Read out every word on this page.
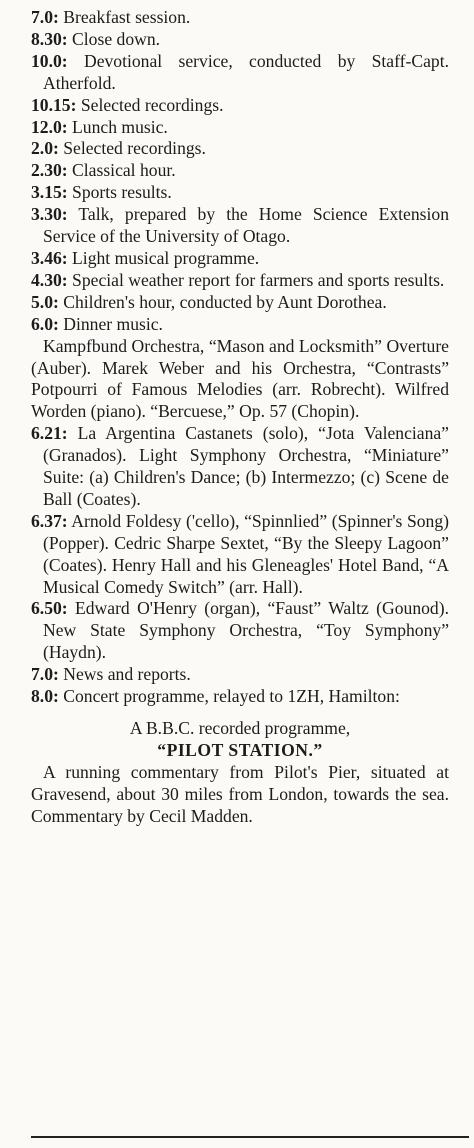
7.0: Breakfast session.

8.30: Close down.

10.0: Devotional service, conducted by Staff-Capt. Atherfold.

10.15: Selected recordings.

12.0: Lunch music.

2.0: Selected recordings.

2.30: Classical hour.

3.15: Sports results.

3.30: Talk, prepared by the Home Science Extension Service of the University of Otago.

3.46: Light musical programme.

4.30: Special weather report for farmers and sports results.

5.0: Children's hour, conducted by Aunt Dorothea.

6.0: Dinner music.

Kampfbund Orchestra, “Mason and Locksmith” Overture (Auber). Marek Weber and his Orchestra, “Contrasts” Potpourri of Famous Melodies (arr. Robrecht). Wilfred Worden (piano). “Bercuese,” Op. 57 (Chopin).

6.21: La Argentina Castanets (solo), “Jota Valenciana” (Granados). Light Symphony Orchestra, “Miniature” Suite: (a) Children's Dance; (b) Intermezzo; (c) Scene de Ball (Coates).

6.37: Arnold Foldesy ('cello), “Spinnlied” (Spinner's Song) (Popper). Cedric Sharpe Sextet, “By the Sleepy Lagoon” (Coates). Henry Hall and his Gleneagles' Hotel Band, “A Musical Comedy Switch” (arr. Hall).

6.50: Edward O'Henry (organ), “Faust” Waltz (Gounod). New State Symphony Orchestra, “Toy Symphony” (Haydn).

7.0: News and reports.

8.0: Concert programme, relayed to 1ZH, Hamilton:

A B.B.C. recorded programme,

“PILOT STATION.”

A running commentary from Pilot's Pier, situated at Gravesend, about 30 miles from London, towards the sea. Commentary by Cecil Madden.
